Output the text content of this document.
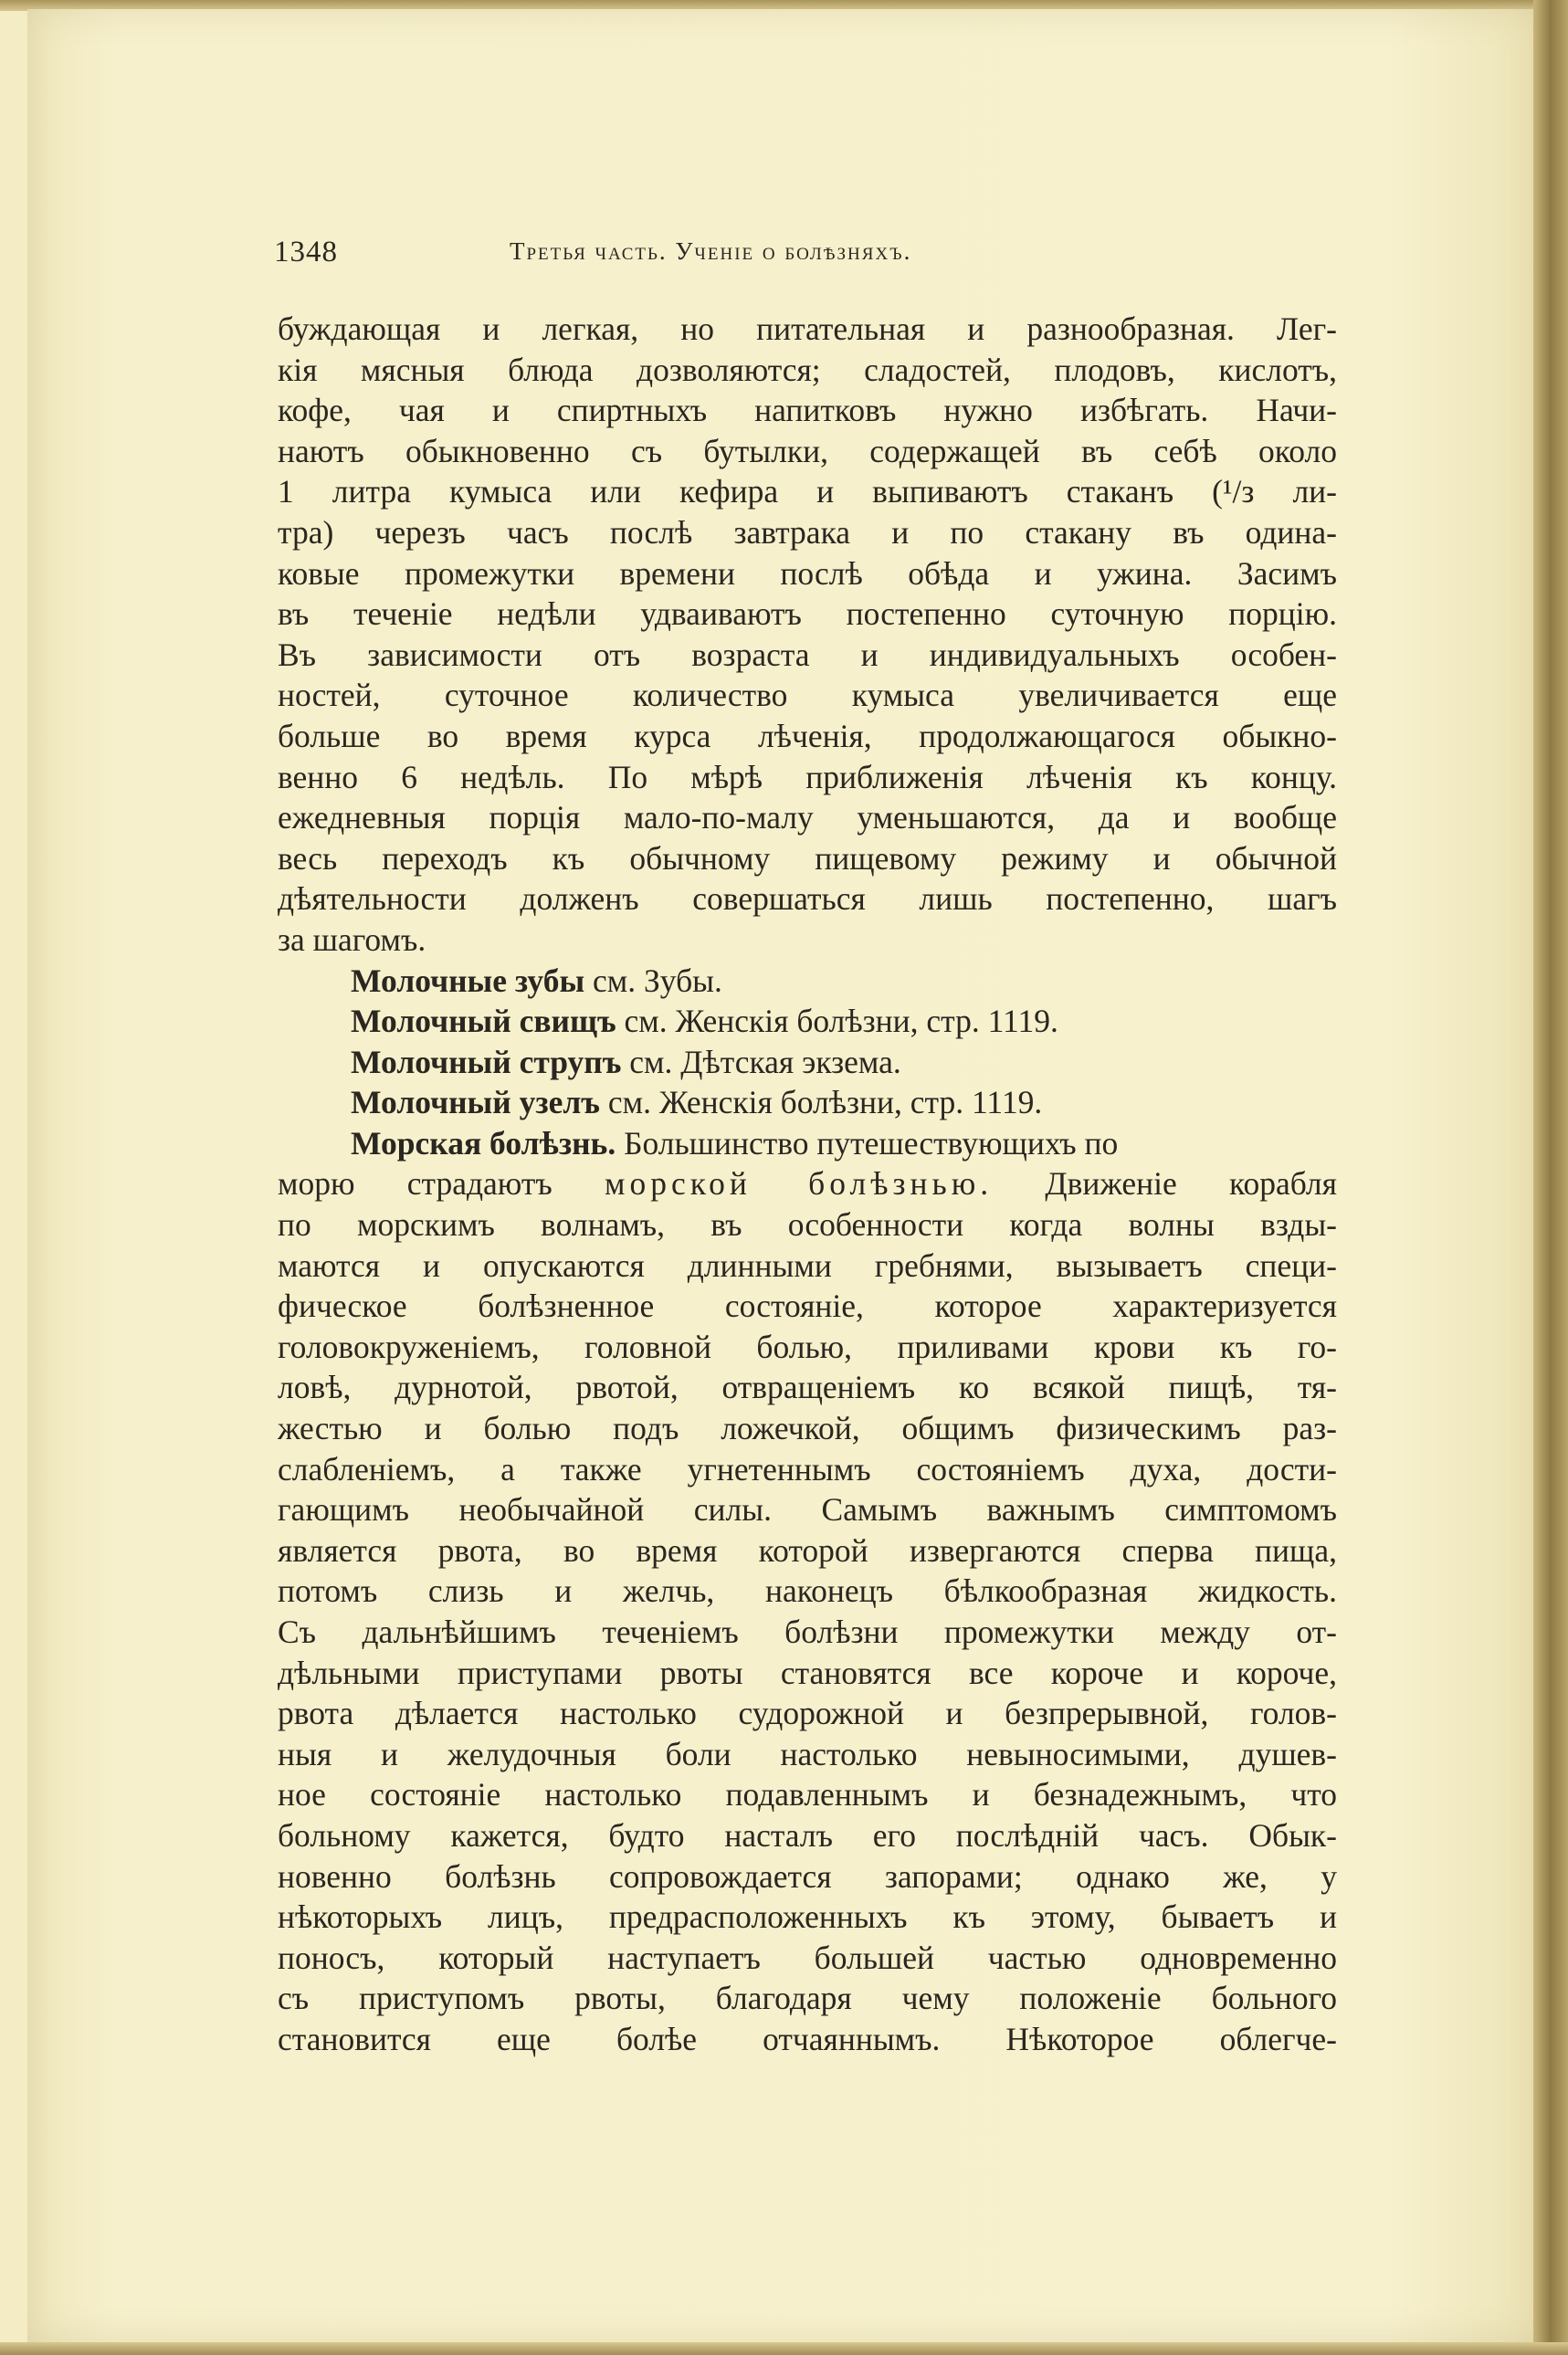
1348	Третья часть. Ученіе о болѣзняхъ.
буждающая и легкая, но питательная и разнообразная. Лег-
кія мясныя блюда дозволяются; сладостей, плодовъ, кислотъ,
кофе, чая и спиртныхъ напитковъ нужно избѣгать. Начи-
наютъ обыкновенно съ бутылки, содержащей въ себѣ около
1 литра кумыса или кефира и выпиваютъ стаканъ (¹/з ли-
тра) черезъ часъ послѣ завтрака и по стакану въ одина-
ковые промежутки времени послѣ обѣда и ужина. Засимъ
въ теченіе недѣли удваиваютъ постепенно суточную порцію.
Въ зависимости отъ возраста и индивидуальныхъ особен-
ностей, суточное количество кумыса увеличивается еще
больше во время курса лѣченія, продолжающагося обыкно-
венно 6 недѣль. По мѣрѣ приближенія лѣченія къ концу.
ежедневныя порція мало-по-малу уменьшаются, да и вообще
весь переходъ къ обычному пищевому режиму и обычной
дѣятельности долженъ совершаться лишь постепенно, шагъ
за шагомъ.
Молочные зубы см. Зубы.
Молочный свищъ см. Женскія болѣзни, стр. 1119.
Молочный струпъ см. Дѣтская экзема.
Молочный узелъ см. Женскія болѣзни, стр. 1119.
Морская болѣзнь. Большинство путешествующихъ по
морю страдаютъ морской болѣзнью. Движеніе корабля
по морскимъ волнамъ, въ особенности когда волны взды-
маются и опускаются длинными гребнями, вызываетъ специ-
фическое болѣзненное состояніе, которое характеризуется
головокруженіемъ, головной болью, приливами крови къ го-
ловѣ, дурнотой, рвотой, отвращеніемъ ко всякой пищѣ, тя-
жестью и болью подъ ложечкой, общимъ физическимъ раз-
слабленіемъ, а также угнетеннымъ состояніемъ духа, дости-
гающимъ необычайной силы. Самымъ важнымъ симптомомъ
является рвота, во время которой извергаются сперва пища,
потомъ слизь и желчь, наконецъ бѣлкообразная жидкость.
Съ дальнѣйшимъ теченіемъ болѣзни промежутки между от-
дѣльными приступами рвоты становятся все короче и короче,
рвота дѣлается настолько судорожной и безпрерывной, голов-
ныя и желудочныя боли настолько невыносимыми, душев-
ное состояніе настолько подавленнымъ и безнадежнымъ, что
больному кажется, будто насталъ его послѣдній часъ. Обык-
новенно болѣзнь сопровождается запорами; однако же, у
нѣкоторыхъ лицъ, предрасположенныхъ къ этому, бываетъ и
поносъ, который наступаетъ большей частью одновременно
съ приступомъ рвоты, благодаря чему положеніе больного
становится еще болѣе отчаяннымъ. Нѣкоторое облегче-
